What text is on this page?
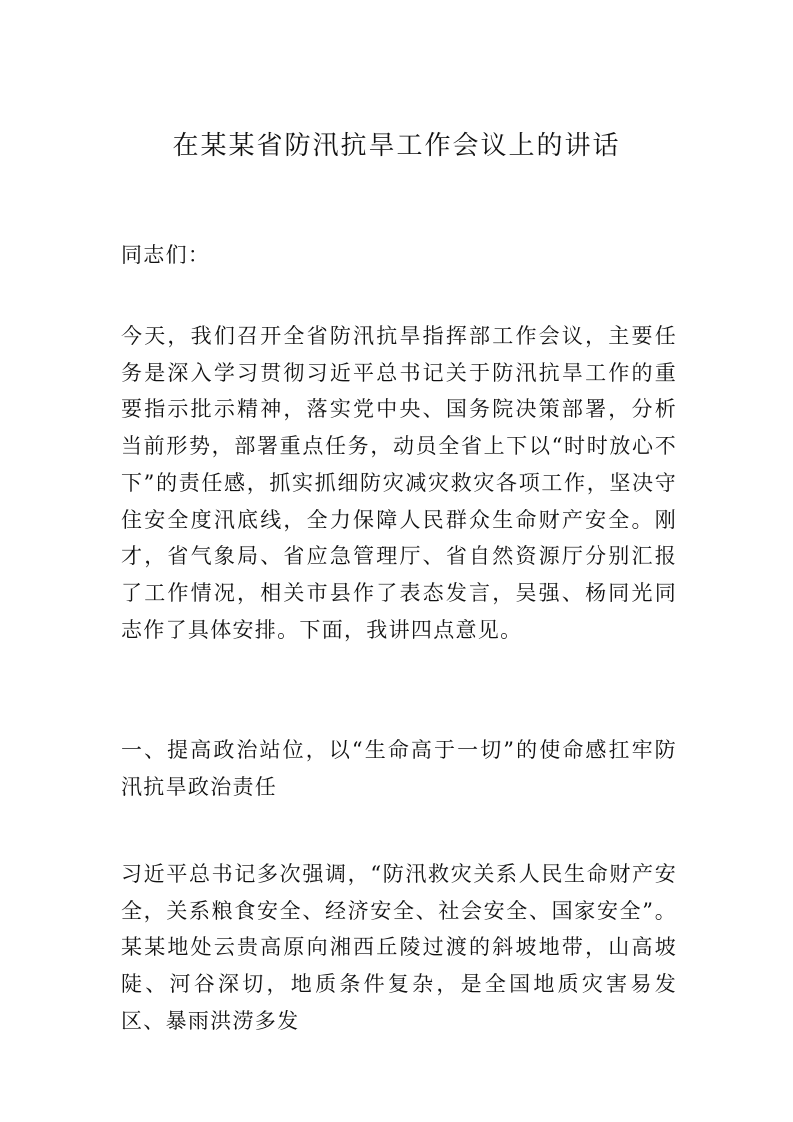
在某某省防汛抗旱工作会议上的讲话

同志们：

今天，我们召开全省防汛抗旱指挥部工作会议，主要任务是深入学习贯彻习近平总书记关于防汛抗旱工作的重要指示批示精神，落实党中央、国务院决策部署，分析当前形势，部署重点任务，动员全省上下以“时时放心不下”的责任感，抓实抓细防灾减灾救灾各项工作，坚决守住安全度汛底线，全力保障人民群众生命财产安全。刚才，省气象局、省应急管理厅、省自然资源厅分别汇报了工作情况，相关市县作了表态发言，吴强、杨同光同志作了具体安排。下面，我讲四点意见。

一、提高政治站位，以“生命高于一切”的使命感扛牢防汛抗旱政治责任

习近平总书记多次强调，“防汛救灾关系人民生命财产安全，关系粮食安全、经济安全、社会安全、国家安全”。某某地处云贵高原向湘西丘陵过渡的斜坡地带，山高坡陡、河谷深切，地质条件复杂，是全国地质灾害易发区、暴雨洪涝多发
